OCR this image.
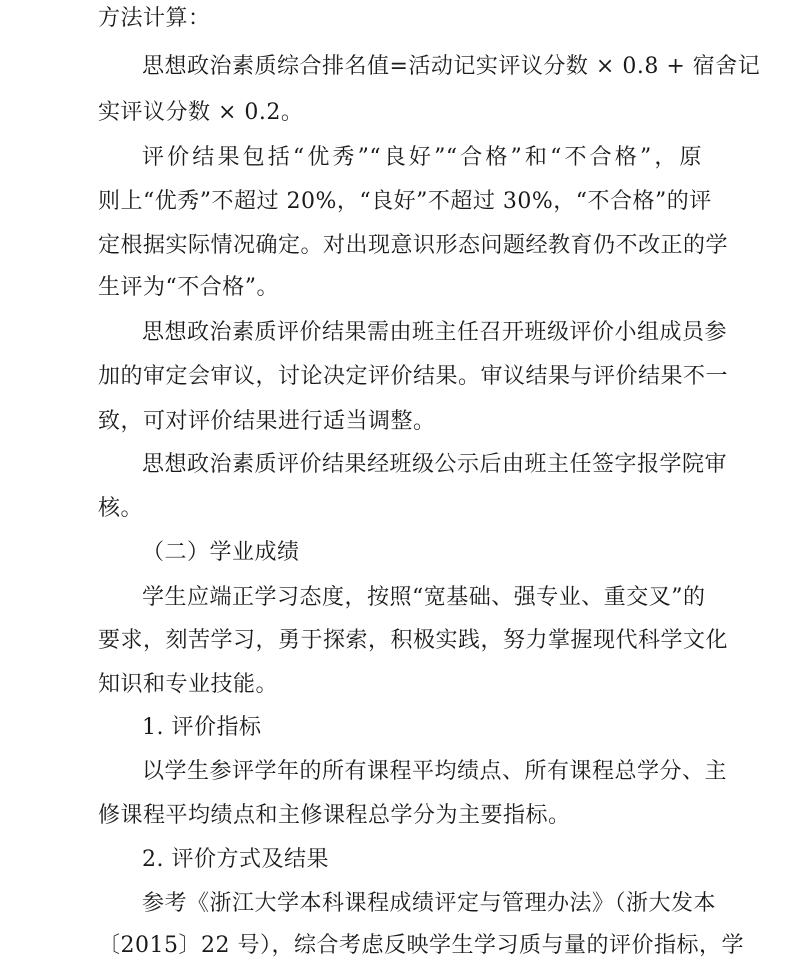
方法计算：
思想政治素质综合排名值=活动记实评议分数 × 0.8 + 宿舍记
实评议分数 × 0.2。
评价结果包括“优秀”“良好”“合格”和“不合格”，原
则上“优秀”不超过 20%，“良好”不超过 30%，“不合格”的评
定根据实际情况确定。对出现意识形态问题经教育仍不改正的学
生评为“不合格”。
思想政治素质评价结果需由班主任召开班级评价小组成员参
加的审定会审议，讨论决定评价结果。审议结果与评价结果不一
致，可对评价结果进行适当调整。
思想政治素质评价结果经班级公示后由班主任签字报学院审
核。
（二）学业成绩
学生应端正学习态度，按照“宽基础、强专业、重交叉”的
要求，刻苦学习，勇于探索，积极实践，努力掌握现代科学文化
知识和专业技能。
1. 评价指标
以学生参评学年的所有课程平均绩点、所有课程总学分、主
修课程平均绩点和主修课程总学分为主要指标。
2. 评价方式及结果
参考《浙江大学本科课程成绩评定与管理办法》（浙大发本
〔2015〕22 号），综合考虑反映学生学习质与量的评价指标，学
